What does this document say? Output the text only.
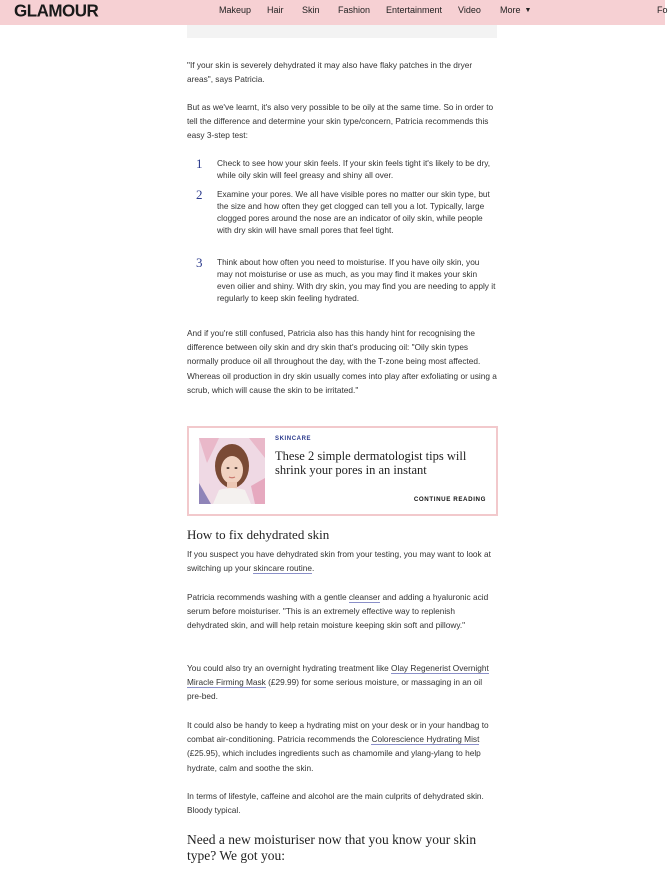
GLAMOUR	Makeup Hair Skin Fashion Entertainment Video More ▼	Fo

"If your skin is severely dehydrated it may also have flaky patches in the dryer areas", says Patricia.

But as we've learnt, it's also very possible to be oily at the same time. So in order to tell the difference and determine your skin type/concern, Patricia recommends this easy 3-step test:

1 Check to see how your skin feels. If your skin feels tight it's likely to be dry, while oily skin will feel greasy and shiny all over.
2 Examine your pores. We all have visible pores no matter our skin type, but the size and how often they get clogged can tell you a lot. Typically, large clogged pores around the nose are an indicator of oily skin, while people with dry skin will have small pores that feel tight.
3 Think about how often you need to moisturise. If you have oily skin, you may not moisturise or use as much, as you may find it makes your skin even oilier and shiny. With dry skin, you may find you are needing to apply it regularly to keep skin feeling hydrated.

And if you're still confused, Patricia also has this handy hint for recognising the difference between oily skin and dry skin that's producing oil: "Oily skin types normally produce oil all throughout the day, with the T-zone being most affected. Whereas oil production in dry skin usually comes into play after exfoliating or using a scrub, which will cause the skin to be irritated."

SKINCARE
These 2 simple dermatologist tips will shrink your pores in an instant
CONTINUE READING
How to fix dehydrated skin

If you suspect you have dehydrated skin from your testing, you may want to look at switching up your skincare routine.

Patricia recommends washing with a gentle cleanser and adding a hyaluronic acid serum before moisturiser. "This is an extremely effective way to replenish dehydrated skin, and will help retain moisture keeping skin soft and pillowy."

You could also try an overnight hydrating treatment like Olay Regenerist Overnight Miracle Firming Mask (£29.99) for some serious moisture, or massaging in an oil pre-bed.

It could also be handy to keep a hydrating mist on your desk or in your handbag to combat air-conditioning. Patricia recommends the Colorescience Hydrating Mist (£25.95), which includes ingredients such as chamomile and ylang-ylang to help hydrate, calm and soothe the skin.

In terms of lifestyle, caffeine and alcohol are the main culprits of dehydrated skin. Bloody typical.

Need a new moisturiser now that you know your skin type? We got you:
